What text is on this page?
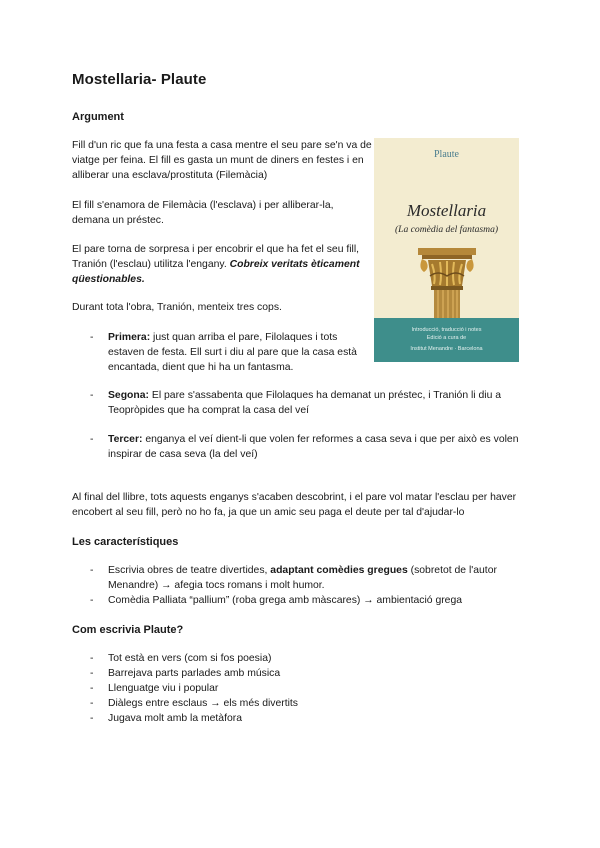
Mostellaria- Plaute
Argument

Fill d'un ric que fa una festa a casa mentre el seu pare se'n va de viatge per feina. El fill es gasta un munt de diners en festes i en alliberar una esclava/prostituta (Filemàcia)

El fill s'enamora de Filemàcia (l'esclava) i per alliberar-la, demana un préstec.

El pare torna de sorpresa i per encobrir el que ha fet el seu fill, Tranión (l'esclau) utilitza l'engany. Cobreix veritats èticament qüestionables.

Durant tota l'obra, Tranión, menteix tres cops.

- Primera: just quan arriba el pare, Filolaques i tots estaven de festa. Ell surt i diu al pare que la casa està encantada, dient que hi ha un fantasma.
- Segona: El pare s'assabenta que Filolaques ha demanat un préstec, i Tranión li diu a Teopròpides que ha comprat la casa del veí
- Tercer: enganya el veí dient-li que volen fer reformes a casa seva i que per això es volen inspirar de casa seva (la del veí)

Al final del llibre, tots aquests enganys s'acaben descobrint, i el pare vol matar l'esclau per haver encobert al seu fill, però no ho fa, ja que un amic seu paga el deute per tal d'ajudar-lo

Les característiques
- Escrivia obres de teatre divertides, adaptant comèdies gregues (sobretot de l'autor Menandre) → afegia tocs romans i molt humor.
- Comèdia Palliata “pallium” (roba grega amb màscares) → ambientació grega
Com escrivia Plaute?
- Tot està en vers (com si fos poesia)
- Barrejava parts parlades amb música
- Llenguatge viu i popular
- Diàlegs entre esclaus → els més divertits
- Jugava molt amb la metàfora
Plaute
Mostellaria
(La comèdia del fantasma)
Introducció, traducció i notes
Edició a cura de
Institut Menandre · Barcelona
